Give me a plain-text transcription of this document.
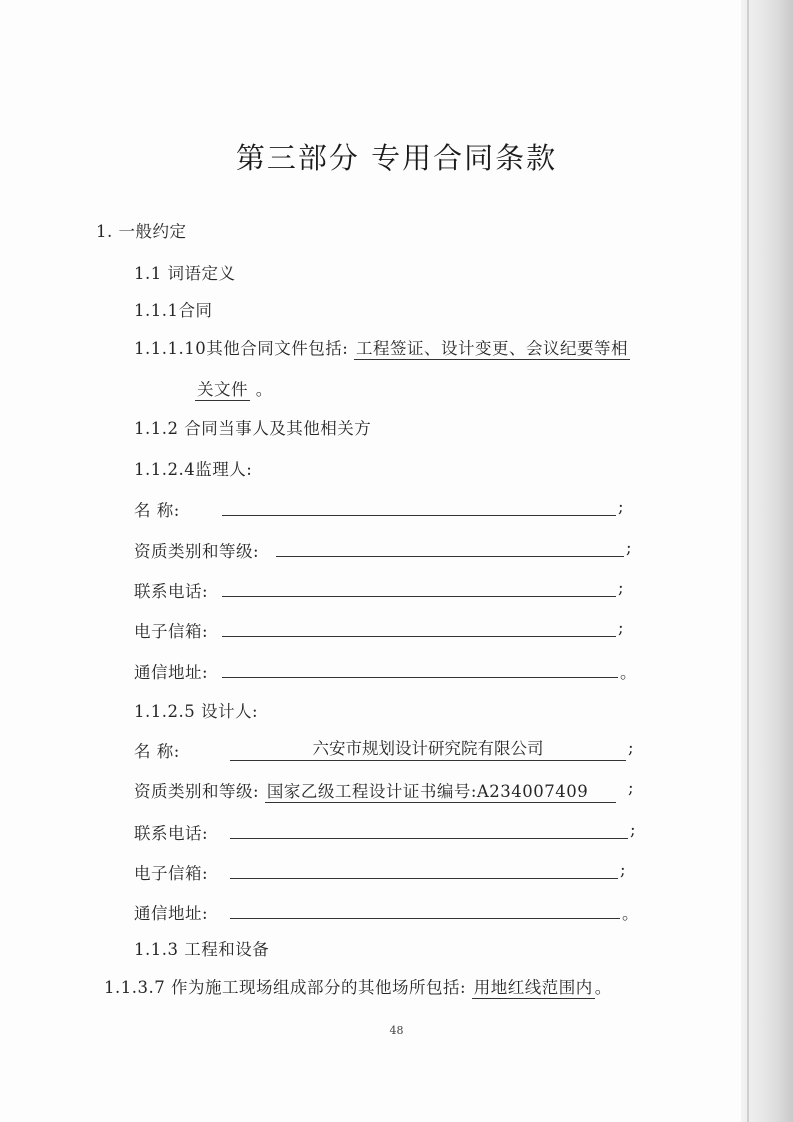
第三部分 专用合同条款
1. 一般约定
1.1 词语定义
1.1.1合同
1.1.1.10其他合同文件包括: 工程签证、设计变更、会议纪要等相
关文件 。
1.1.2 合同当事人及其他相关方
1.1.2.4监理人:
名 称:	;
资质类别和等级:	;
联系电话:	;
电子信箱:	;
通信地址:	。
1.1.2.5 设计人:
名 称:	六安市规划设计研究院有限公司	;
资质类别和等级: 国家乙级工程设计证书编号:A234007409	;
联系电话:	;
电子信箱:	;
通信地址:	。
1.1.3 工程和设备
1.1.3.7 作为施工现场组成部分的其他场所包括: 用地红线范围内 。
48
